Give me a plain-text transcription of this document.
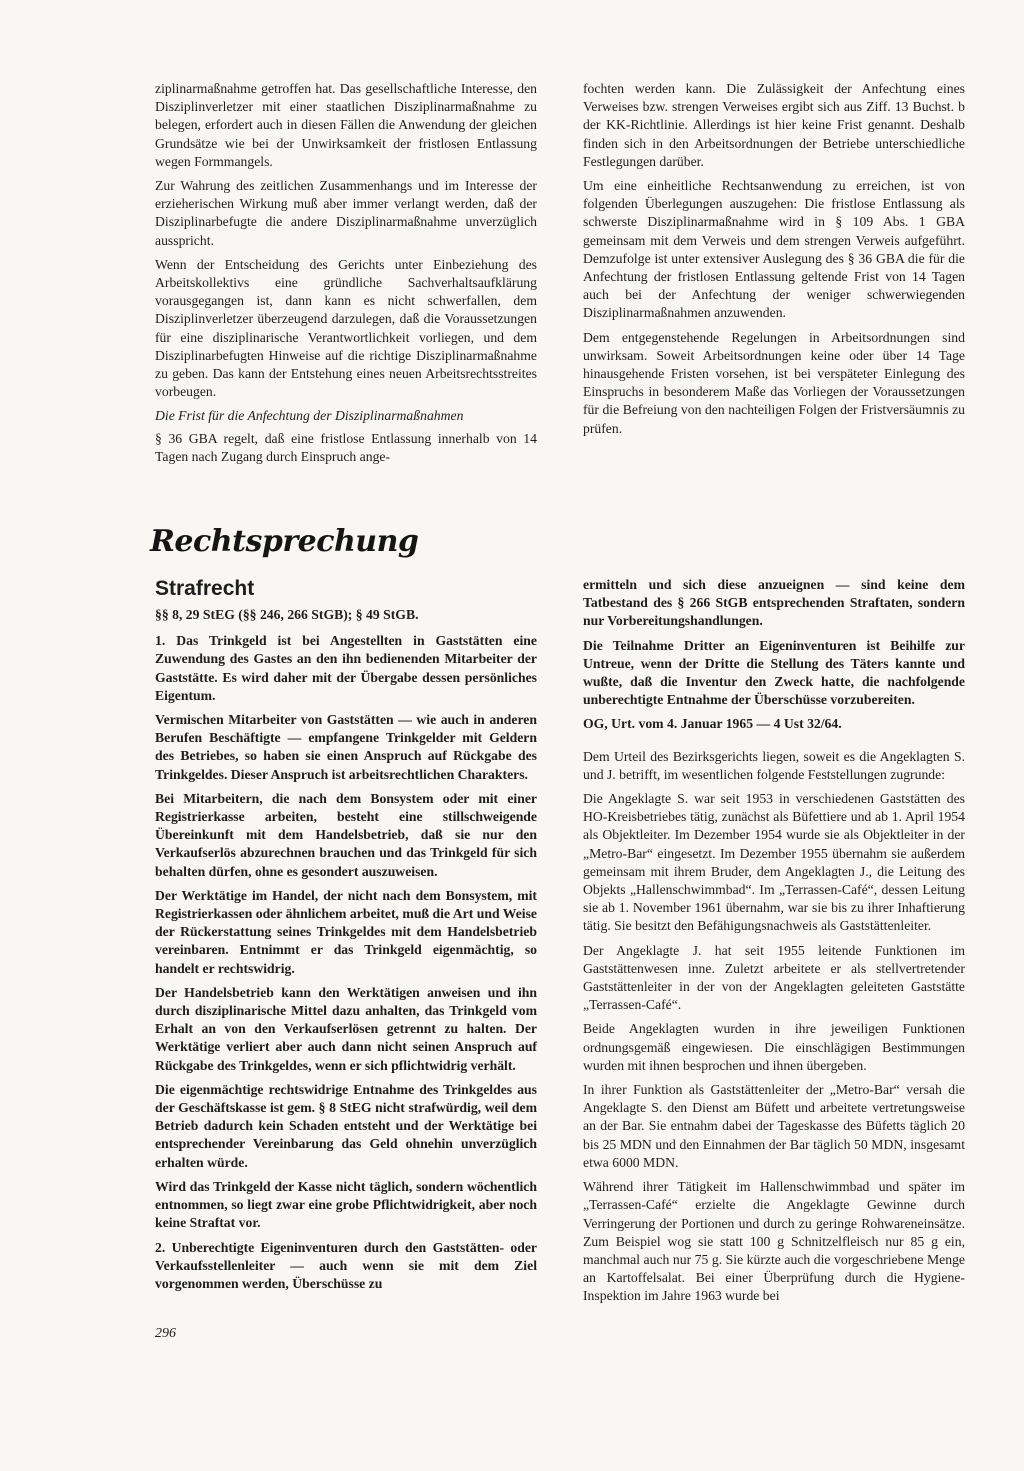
ziplinarmaßnahme getroffen hat. Das gesellschaftliche Interesse, den Disziplinverletzer mit einer staatlichen Disziplinarmaßnahme zu belegen, erfordert auch in diesen Fällen die Anwendung der gleichen Grundsätze wie bei der Unwirksamkeit der fristlosen Entlassung wegen Formmangels.

Zur Wahrung des zeitlichen Zusammenhangs und im Interesse der erzieherischen Wirkung muß aber immer verlangt werden, daß der Disziplinarbefugte die andere Disziplinarmaßnahme unverzüglich ausspricht.

Wenn der Entscheidung des Gerichts unter Einbeziehung des Arbeitskollektivs eine gründliche Sachverhaltsaufklärung vorausgegangen ist, dann kann es nicht schwerfallen, dem Disziplinverletzer überzeugend darzulegen, daß die Voraussetzungen für eine disziplinarische Verantwortlichkeit vorliegen, und dem Disziplinarbefugten Hinweise auf die richtige Disziplinarmaßnahme zu geben. Das kann der Entstehung eines neuen Arbeitsrechtsstreites vorbeugen.

Die Frist für die Anfechtung der Disziplinarmaßnahmen

§ 36 GBA regelt, daß eine fristlose Entlassung innerhalb von 14 Tagen nach Zugang durch Einspruch ange-

fochten werden kann. Die Zulässigkeit der Anfechtung eines Verweises bzw. strengen Verweises ergibt sich aus Ziff. 13 Buchst. b der KK-Richtlinie. Allerdings ist hier keine Frist genannt. Deshalb finden sich in den Arbeitsordnungen der Betriebe unterschiedliche Festlegungen darüber.

Um eine einheitliche Rechtsanwendung zu erreichen, ist von folgenden Überlegungen auszugehen: Die fristlose Entlassung als schwerste Disziplinarmaßnahme wird in § 109 Abs. 1 GBA gemeinsam mit dem Verweis und dem strengen Verweis aufgeführt. Demzufolge ist unter extensiver Auslegung des § 36 GBA die für die Anfechtung der fristlosen Entlassung geltende Frist von 14 Tagen auch bei der Anfechtung der weniger schwerwiegenden Disziplinarmaßnahmen anzuwenden.

Dem entgegenstehende Regelungen in Arbeitsordnungen sind unwirksam. Soweit Arbeitsordnungen keine oder über 14 Tage hinausgehende Fristen vorsehen, ist bei verspäteter Einlegung des Einspruchs in besonderem Maße das Vorliegen der Voraussetzungen für die Befreiung von den nachteiligen Folgen der Fristversäumnis zu prüfen.

Rechtsprechung
Strafrecht

§§ 8, 29 StEG (§§ 246, 266 StGB); § 49 StGB.

1. Das Trinkgeld ist bei Angestellten in Gaststätten eine Zuwendung des Gastes an den ihn bedienenden Mitarbeiter der Gaststätte. Es wird daher mit der Übergabe dessen persönliches Eigentum.

Vermischen Mitarbeiter von Gaststätten — wie auch in anderen Berufen Beschäftigte — empfangene Trinkgelder mit Geldern des Betriebes, so haben sie einen Anspruch auf Rückgabe des Trinkgeldes. Dieser Anspruch ist arbeitsrechtlichen Charakters.

Bei Mitarbeitern, die nach dem Bonsystem oder mit einer Registrierkasse arbeiten, besteht eine stillschweigende Übereinkunft mit dem Handelsbetrieb, daß sie nur den Verkaufserlös abzurechnen brauchen und das Trinkgeld für sich behalten dürfen, ohne es gesondert auszuweisen.

Der Werktätige im Handel, der nicht nach dem Bonsystem, mit Registrierkassen oder ähnlichem arbeitet, muß die Art und Weise der Rückerstattung seines Trinkgeldes mit dem Handelsbetrieb vereinbaren. Entnimmt er das Trinkgeld eigenmächtig, so handelt er rechtswidrig.

Der Handelsbetrieb kann den Werktätigen anweisen und ihn durch disziplinarische Mittel dazu anhalten, das Trinkgeld vom Erhalt an von den Verkaufserlösen getrennt zu halten. Der Werktätige verliert aber auch dann nicht seinen Anspruch auf Rückgabe des Trinkgeldes, wenn er sich pflichtwidrig verhält.

Die eigenmächtige rechtswidrige Entnahme des Trinkgeldes aus der Geschäftskasse ist gem. § 8 StEG nicht strafwürdig, weil dem Betrieb dadurch kein Schaden entsteht und der Werktätige bei entsprechender Vereinbarung das Geld ohnehin unverzüglich erhalten würde.

Wird das Trinkgeld der Kasse nicht täglich, sondern wöchentlich entnommen, so liegt zwar eine grobe Pflichtwidrigkeit, aber noch keine Straftat vor.

2. Unberechtigte Eigeninventuren durch den Gaststätten- oder Verkaufsstellenleiter — auch wenn sie mit dem Ziel vorgenommen werden, Überschüsse zu

ermitteln und sich diese anzueignen — sind keine dem Tatbestand des § 266 StGB entsprechenden Straftaten, sondern nur Vorbereitungshandlungen.

Die Teilnahme Dritter an Eigeninventuren ist Beihilfe zur Untreue, wenn der Dritte die Stellung des Täters kannte und wußte, daß die Inventur den Zweck hatte, die nachfolgende unberechtigte Entnahme der Überschüsse vorzubereiten.

OG, Urt. vom 4. Januar 1965 — 4 Ust 32/64.

Dem Urteil des Bezirksgerichts liegen, soweit es die Angeklagten S. und J. betrifft, im wesentlichen folgende Feststellungen zugrunde:

Die Angeklagte S. war seit 1953 in verschiedenen Gaststätten des HO-Kreisbetriebes tätig, zunächst als Büfettiere und ab 1. April 1954 als Objektleiter. Im Dezember 1954 wurde sie als Objektleiter in der „Metro-Bar“ eingesetzt. Im Dezember 1955 übernahm sie außerdem gemeinsam mit ihrem Bruder, dem Angeklagten J., die Leitung des Objekts „Hallenschwimmbad“. Im „Terrassen-Café“, dessen Leitung sie ab 1. November 1961 übernahm, war sie bis zu ihrer Inhaftierung tätig. Sie besitzt den Befähigungsnachweis als Gaststättenleiter.

Der Angeklagte J. hat seit 1955 leitende Funktionen im Gaststättenwesen inne. Zuletzt arbeitete er als stellvertretender Gaststättenleiter in der von der Angeklagten geleiteten Gaststätte „Terrassen-Café“.

Beide Angeklagten wurden in ihre jeweiligen Funktionen ordnungsgemäß eingewiesen. Die einschlägigen Bestimmungen wurden mit ihnen besprochen und ihnen übergeben.

In ihrer Funktion als Gaststättenleiter der „Metro-Bar“ versah die Angeklagte S. den Dienst am Büfett und arbeitete vertretungsweise an der Bar. Sie entnahm dabei der Tageskasse des Büfetts täglich 20 bis 25 MDN und den Einnahmen der Bar täglich 50 MDN, insgesamt etwa 6000 MDN.

Während ihrer Tätigkeit im Hallenschwimmbad und später im „Terrassen-Café“ erzielte die Angeklagte Gewinne durch Verringerung der Portionen und durch zu geringe Rohwareneinsätze. Zum Beispiel wog sie statt 100 g Schnitzelfleisch nur 85 g ein, manchmal auch nur 75 g. Sie kürzte auch die vorgeschriebene Menge an Kartoffelsalat. Bei einer Überprüfung durch die Hygiene-Inspektion im Jahre 1963 wurde bei

296
